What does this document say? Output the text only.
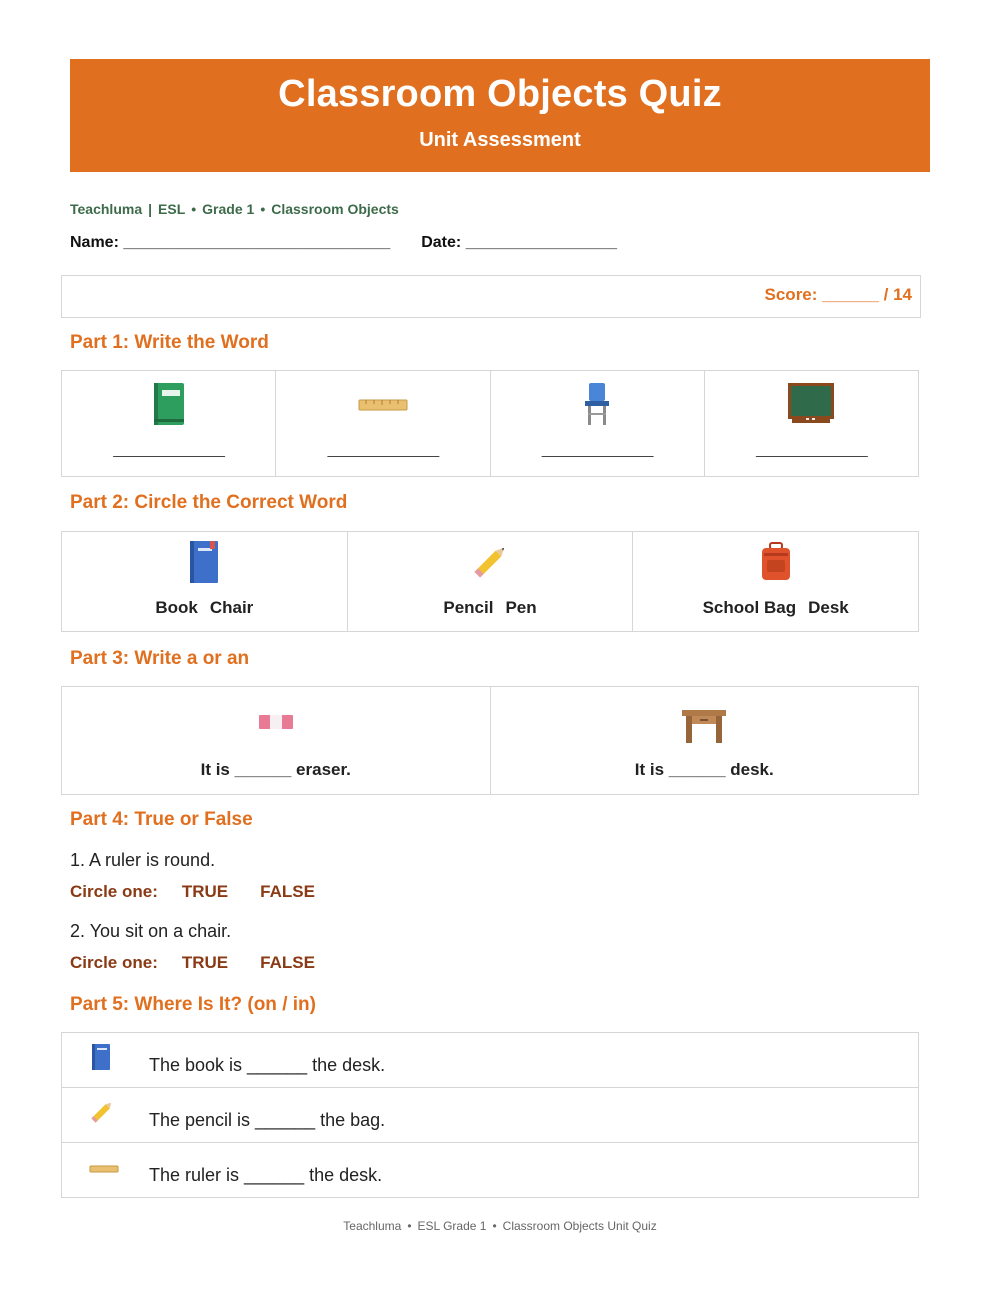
Classroom Objects Quiz
Unit Assessment
Teachluma | ESL • Grade 1 • Classroom Objects
Name: ______________________________ Date: _________________
Score: ______ / 14
Part 1: Write the Word
______________	______________	______________	______________
Part 2: Circle the Correct Word
Book Chair	Pencil Pen	School Bag Desk
Part 3: Write a or an
It is ______ eraser.	It is ______ desk.
Part 4: True or False
1. A ruler is round.
Circle one: TRUE FALSE
2. You sit on a chair.
Circle one: TRUE FALSE
Part 5: Where Is It? (on / in)
The book is ______ the desk.
The pencil is ______ the bag.
The ruler is ______ the desk.
Teachluma • ESL Grade 1 • Classroom Objects Unit Quiz
